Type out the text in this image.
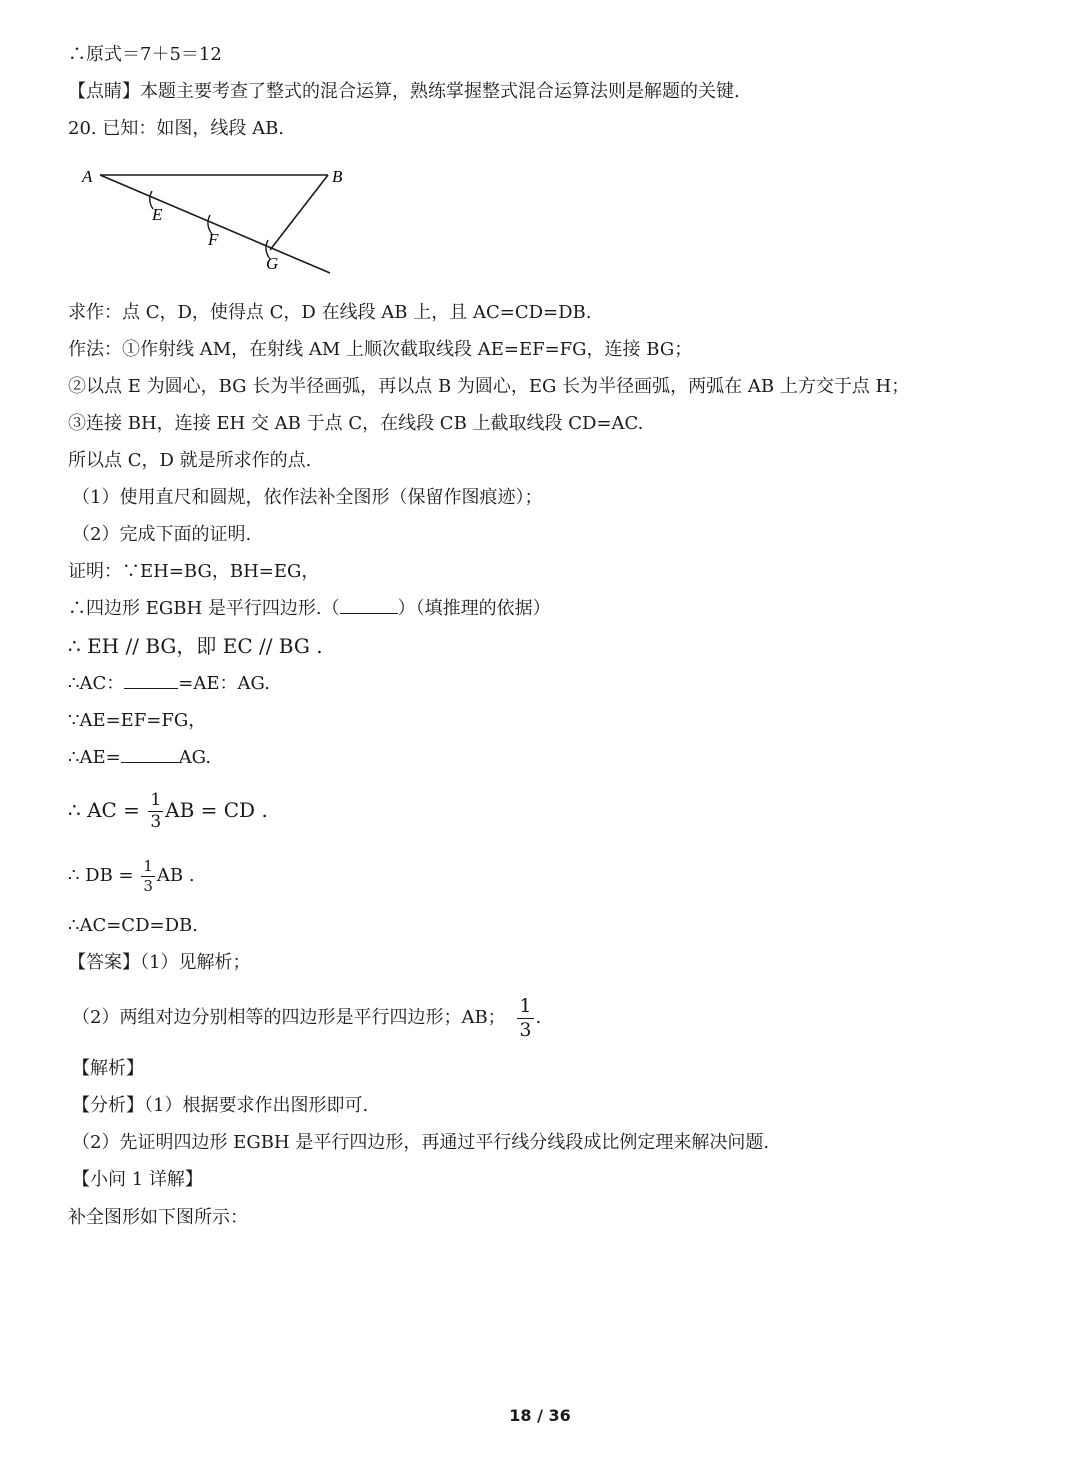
∴原式＝7＋5＝12
【点睛】本题主要考查了整式的混合运算，熟练掌握整式混合运算法则是解题的关键.
20. 已知：如图，线段 AB.
A	B
E
F
G
求作：点 C，D，使得点 C，D 在线段 AB 上，且 AC=CD=DB.
作法：①作射线 AM，在射线 AM 上顺次截取线段 AE=EF=FG，连接 BG；
②以点 E 为圆心，BG 长为半径画弧，再以点 B 为圆心，EG 长为半径画弧，两弧在 AB 上方交于点 H；
③连接 BH，连接 EH 交 AB 于点 C，在线段 CB 上截取线段 CD=AC.
所以点 C，D 就是所求作的点.
（1）使用直尺和圆规，依作法补全图形（保留作图痕迹）；
（2）完成下面的证明.
证明：∵EH=BG，BH=EG，
∴四边形 EGBH 是平行四边形.（	）（填推理的依据）
∴ EH // BG，即 EC // BG .
∴AC：	=AE：AG.
∵AE=EF=FG，
∴AE=	AG.
∴ AC = $\frac{1}{3}$ AB = CD .
∴ DB = $\frac{1}{3}$ AB .
∴AC=CD=DB.
【答案】（1）见解析；
（2）两组对边分别相等的四边形是平行四边形；AB； $\frac{1}{3}$ .
【解析】
【分析】（1）根据要求作出图形即可.
（2）先证明四边形 EGBH 是平行四边形，再通过平行线分线段成比例定理来解决问题.
【小问 1 详解】
补全图形如下图所示：
18 / 36
